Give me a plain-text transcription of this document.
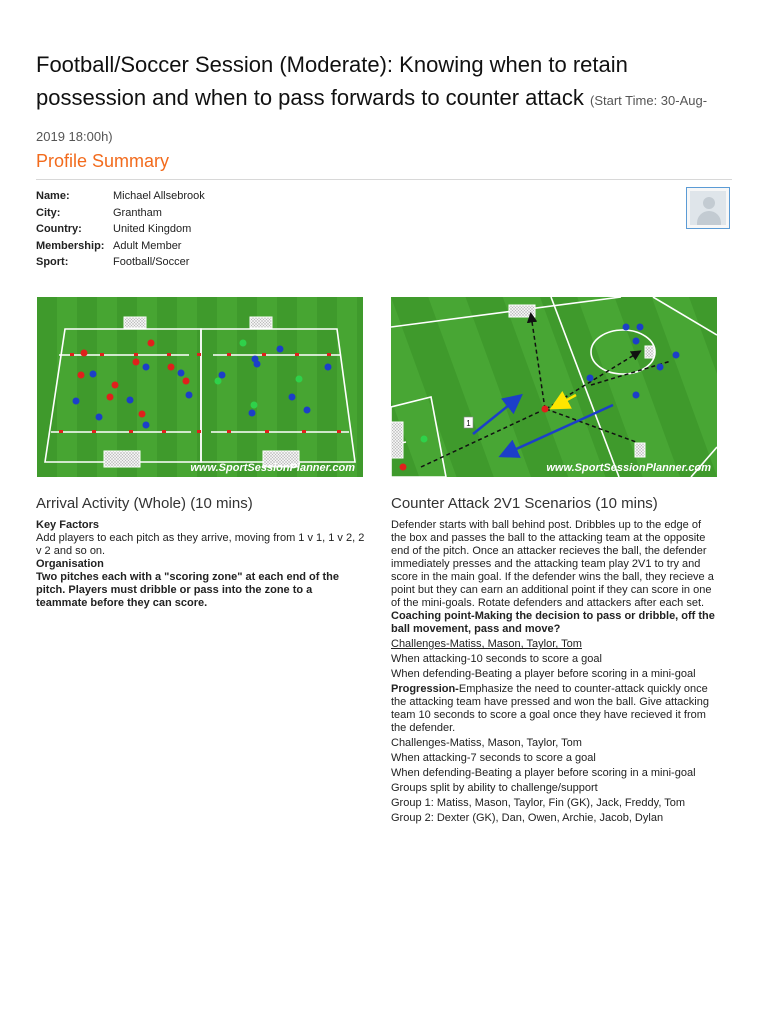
Football/Soccer Session (Moderate): Knowing when to retain possession and when to pass forwards to counter attack (Start Time: 30-Aug-2019 18:00h)
Profile Summary
Name:	Michael Allsebrook
City:	Grantham
Country:	United Kingdom
Membership: Adult Member
Sport:	Football/Soccer
www.SportSessionPlanner.com
1
www.SportSessionPlanner.com
Arrival Activity (Whole) (10 mins)

Key Factors

Add players to each pitch as they arrive, moving from 1 v 1, 1 v 2, 2 v 2 and so on.

Organisation

Two pitches each with a "scoring zone" at each end of the pitch. Players must dribble or pass into the zone to a teammate before they can score.

Counter Attack 2V1 Scenarios (10 mins)

Defender starts with ball behind post. Dribbles up to the edge of the box and passes the ball to the attacking team at the opposite end of the pitch. Once an attacker recieves the ball, the defender immediately presses and the attacking team play 2V1 to try and score in the main goal. If the defender wins the ball, they recieve a point but they can earn an additional point if they can score in one of the mini-goals. Rotate defenders and attackers after each set.

Coaching point-Making the decision to pass or dribble, off the ball movement, pass and move?

Challenges-Matiss, Mason, Taylor, Tom

When attacking-10 seconds to score a goal

When defending-Beating a player before scoring in a mini-goal

Progression-Emphasize the need to counter-attack quickly once the attacking team have pressed and won the ball. Give attacking team 10 seconds to score a goal once they have recieved it from the defender.

Challenges-Matiss, Mason, Taylor, Tom

When attacking-7 seconds to score a goal

When defending-Beating a player before scoring in a mini-goal

Groups split by ability to challenge/support

Group 1: Matiss, Mason, Taylor, Fin (GK), Jack, Freddy, Tom

Group 2: Dexter (GK), Dan, Owen, Archie, Jacob, Dylan
